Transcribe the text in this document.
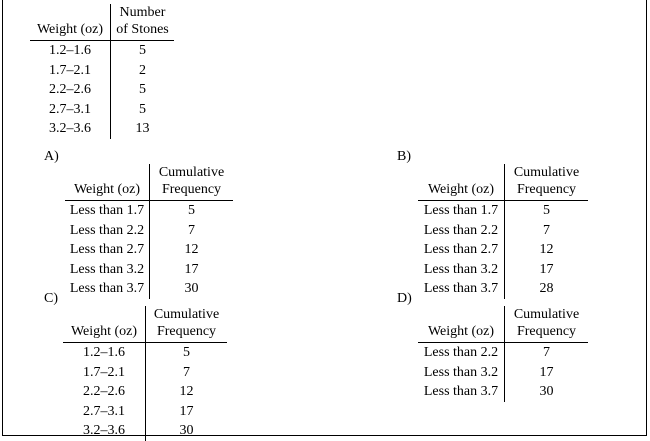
Weight (oz)
Number
of Stones
1.2–1.6	5
1.7–2.1	2
2.2–2.6	5
2.7–3.1	5
3.2–3.6	13
A)	B)
C)	D)
Weight (oz)
Cumulative
Frequency
Less than 1.7	5
Less than 2.2	7
Less than 2.7	12
Less than 3.2	17
Less than 3.7	30
Weight (oz)
Cumulative
Frequency
Less than 1.7	5
Less than 2.2	7
Less than 2.7	12
Less than 3.2	17
Less than 3.7	28
Weight (oz)
Cumulative
Frequency
1.2–1.6	5
1.7–2.1	7
2.2–2.6	12
2.7–3.1	17
3.2–3.6	30
Weight (oz)
Cumulative
Frequency
Less than 2.2	7
Less than 3.2	17
Less than 3.7	30
